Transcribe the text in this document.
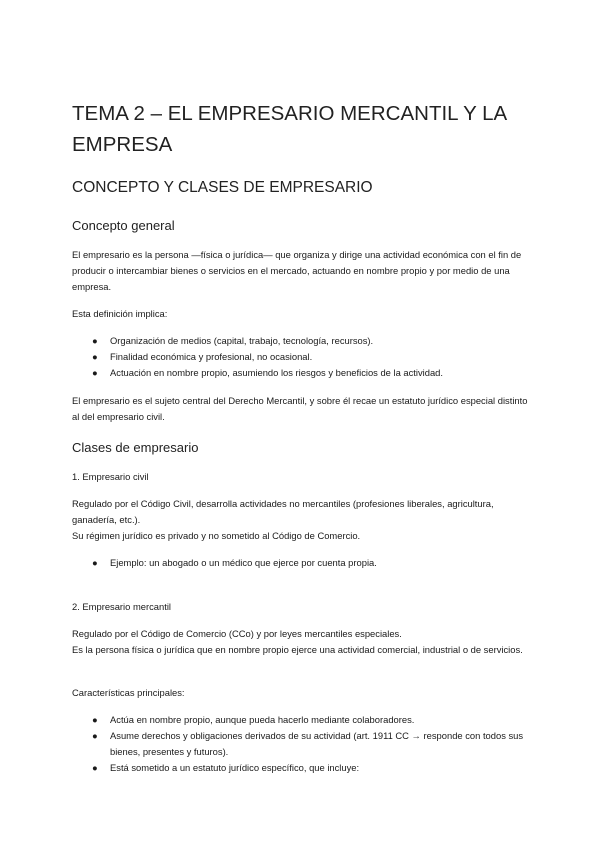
TEMA 2 – EL EMPRESARIO MERCANTIL Y LA EMPRESA
CONCEPTO Y CLASES DE EMPRESARIO
Concepto general

El empresario es la persona —física o jurídica— que organiza y dirige una actividad económica con el fin de producir o intercambiar bienes o servicios en el mercado, actuando en nombre propio y por medio de una empresa.

Esta definición implica:

● Organización de medios (capital, trabajo, tecnología, recursos).
● Finalidad económica y profesional, no ocasional.
● Actuación en nombre propio, asumiendo los riesgos y beneficios de la actividad.

El empresario es el sujeto central del Derecho Mercantil, y sobre él recae un estatuto jurídico especial distinto al del empresario civil.

Clases de empresario

1. Empresario civil

Regulado por el Código Civil, desarrolla actividades no mercantiles (profesiones liberales, agricultura, ganadería, etc.).

Su régimen jurídico es privado y no sometido al Código de Comercio.

● Ejemplo: un abogado o un médico que ejerce por cuenta propia.

2. Empresario mercantil

Regulado por el Código de Comercio (CCo) y por leyes mercantiles especiales.

Es la persona física o jurídica que en nombre propio ejerce una actividad comercial, industrial o de servicios.

Características principales:

● Actúa en nombre propio, aunque pueda hacerlo mediante colaboradores.
● Asume derechos y obligaciones derivados de su actividad (art. 1911 CC → responde con todos sus bienes, presentes y futuros).
● Está sometido a un estatuto jurídico específico, que incluye:
